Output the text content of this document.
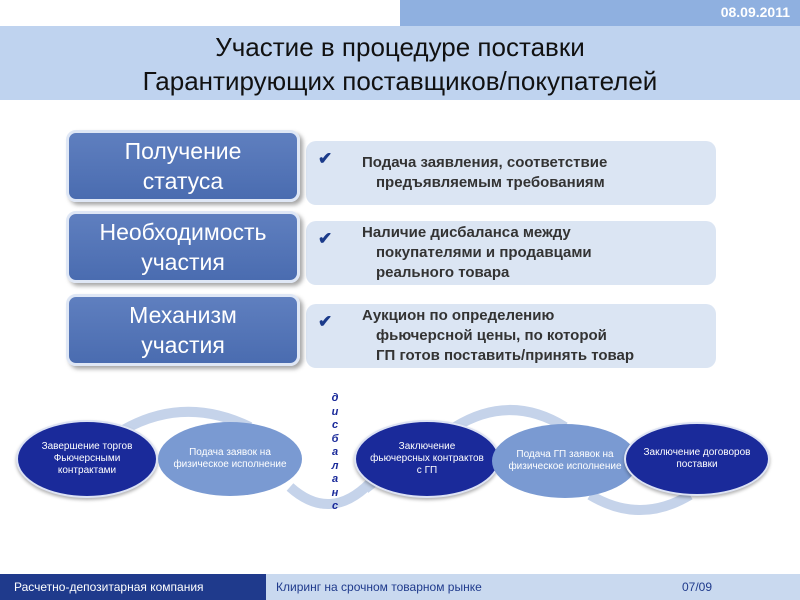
08.09.2011
Участие в процедуре поставки
Гарантирующих поставщиков/покупателей
✔ Подача заявления, соответствие
предъявляемым требованиям
Получение
статуса
✔ Наличие дисбаланса между
покупателями и продавцами
реального товара
Необходимость
участия
✔ Аукцион по определению
фьючерсной цены, по которой
ГП готов поставить/принять товар
Механизм
участия
Завершение торгов Фьючерсными контрактами
Подача заявок на физическое исполнение
дисбаланс
Заключение фьючерсных контрактов с ГП
Подача ГП заявок на физическое исполнение
Заключение договоров поставки
Расчетно-депозитарная компания	Клиринг на срочном товарном рынке	07/09
